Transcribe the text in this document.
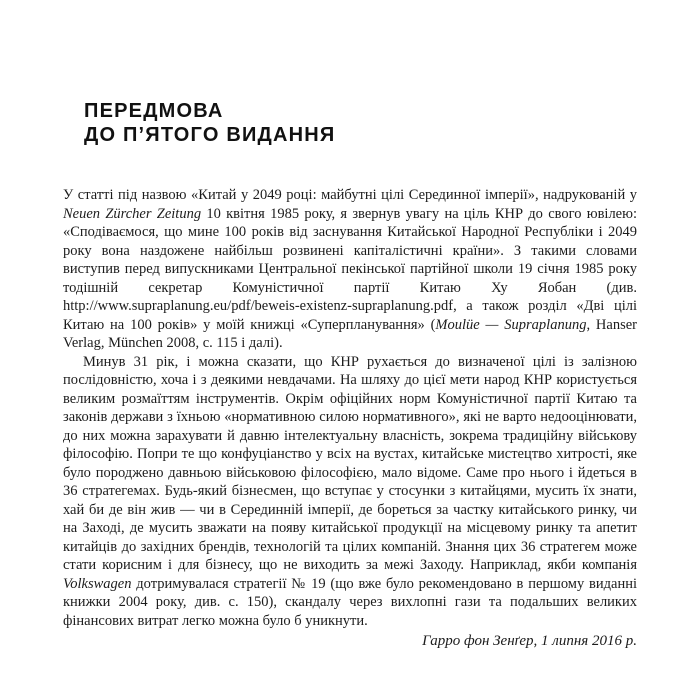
ПЕРЕДМОВА
ДО П’ЯТОГО ВИДАННЯ

У статті під назвою «Китай у 2049 році: майбутні цілі Серединної імперії», надрукованій у Neuen Zürcher Zeitung 10 квітня 1985 року, я звернув увагу на ціль КНР до свого ювілею: «Сподіваємося, що мине 100 років від заснування Китайської Народної Республіки і 2049 року вона наздожене найбільш розвинені капіталістичні країни». З такими словами виступив перед випускниками Центральної пекінської партійної школи 19 січня 1985 року тодішній секретар Комуністичної партії Китаю Ху Яобан (див. http://www.supraplanung.eu/pdf/beweis-existenz-supraplanung.pdf, а також розділ «Дві цілі Китаю на 100 років» у моїй книжці «Суперпланування» (Moulüe — Supraplanung, Hanser Verlag, München 2008, с. 115 і далі).

Минув 31 рік, і можна сказати, що КНР рухається до визначеної цілі із залізною послідовністю, хоча і з деякими невдачами. На шляху до цієї мети народ КНР користується великим розмаїттям інструментів. Окрім офіційних норм Комуністичної партії Китаю та законів держави з їхньою «нормативною силою нормативного», які не варто недооцінювати, до них можна зарахувати й давню інтелектуальну власність, зокрема традиційну військову філософію. Попри те що конфуціанство у всіх на вустах, китайське мистецтво хитрості, яке було породжено давньою військовою філософією, мало відоме. Саме про нього і йдеться в 36 стратегемах. Будь-який бізнесмен, що вступає у стосунки з китайцями, мусить їх знати, хай би де він жив — чи в Серединній імперії, де бореться за частку китайського ринку, чи на Заході, де мусить зважати на появу китайської продукції на місцевому ринку та апетит китайців до західних брендів, технологій та цілих компаній. Знання цих 36 стратегем може стати корисним і для бізнесу, що не виходить за межі Заходу. Наприклад, якби компанія Volkswagen дотримувалася стратегії № 19 (що вже було рекомендовано в першому виданні книжки 2004 року, див. с. 150), скандалу через вихлопні гази та подальших великих фінансових витрат легко можна було б уникнути.

Гарро фон Зенґер, 1 липня 2016 р.
